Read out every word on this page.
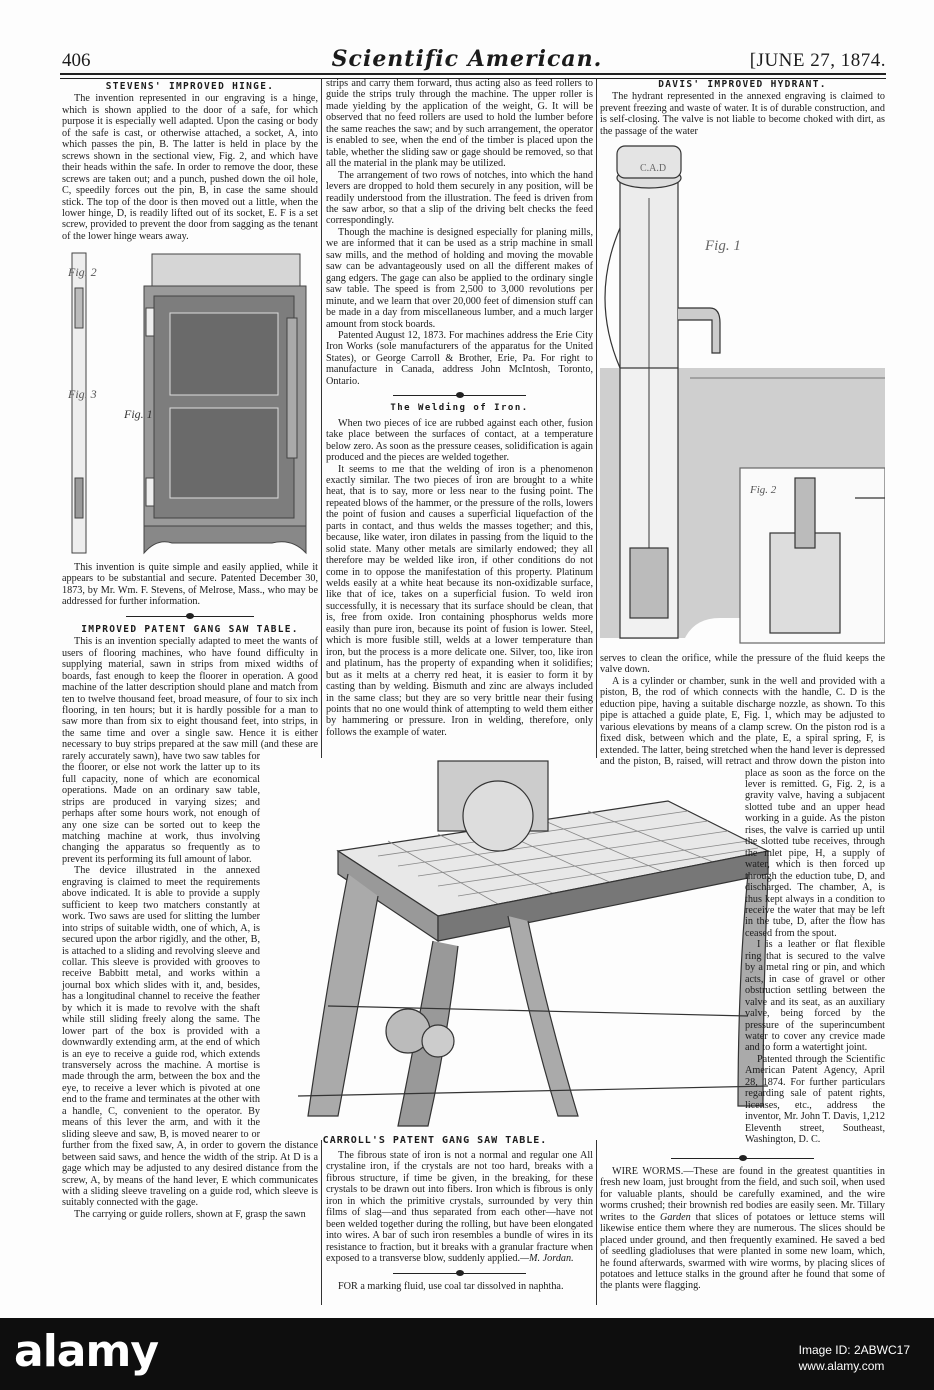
406	Scientific American.	[JUNE 27, 1874.
STEVENS' IMPROVED HINGE.

The invention represented in our engraving is a hinge, which is shown applied to the door of a safe, for which purpose it is especially well adapted. Upon the casing or body of the safe is cast, or otherwise attached, a socket, A, into which passes the pin, B. The latter is held in place by the screws shown in the sectional view, Fig. 2, and which have their heads within the safe. In order to remove the door, these screws are taken out; and a punch, pushed down the oil hole, C, speedily forces out the pin, B, in case the same should stick. The top of the door is then moved out a little, when the lower hinge, D, is readily lifted out of its socket, E. F is a set screw, provided to prevent the door from sagging as the tenant of the lower hinge wears away.

Fig. 2
Fig. 3
Fig. 1

This invention is quite simple and easily applied, while it appears to be substantial and secure. Patented December 30, 1873, by Mr. Wm. F. Stevens, of Melrose, Mass., who may be addressed for further information.

IMPROVED PATENT GANG SAW TABLE.

This is an invention specially adapted to meet the wants of users of flooring machines, who have found difficulty in supplying material, sawn in strips from mixed widths of boards, fast enough to keep the floorer in operation. A good machine of the latter description should plane and match from ten to twelve thousand feet, broad measure, of four to six inch flooring, in ten hours; but it is hardly possible for a man to saw more than from six to eight thousand feet, into strips, in the same time and over a single saw. Hence it is either necessary to buy strips prepared at the saw mill (and these are rarely accurately sawn), have two saw tables for the floorer, or else not work the latter up to its full capacity, none of which are economical operations. Made on an ordinary saw table, strips are produced in varying sizes; and perhaps after some hours work, not enough of any one size can be sorted out to keep the matching machine at work, thus involving changing the apparatus so frequently as to prevent its performing its full amount of labor.

The device illustrated in the annexed engraving is claimed to meet the requirements above indicated. It is able to provide a supply sufficient to keep two matchers constantly at work. Two saws are used for slitting the lumber into strips of suitable width, one of which, A, is secured upon the arbor rigidly, and the other, B, is attached to a sliding and revolving sleeve and collar. This sleeve is provided with grooves to receive Babbitt metal, and works within a journal box which slides with it, and, besides, has a longitudinal channel to receive the feather by which it is made to revolve with the shaft while still sliding freely along the same. The lower part of the box is provided with a downwardly extending arm, at the end of which is an eye to receive a guide rod, which extends transversely across the machine. A mortise is made through the arm, between the box and the eye, to receive a lever which is pivoted at one end to the frame and terminates at the other with a handle, C, convenient to the operator. By means of this lever the arm, and with it the sliding sleeve and saw, B, is moved nearer to or further from the fixed saw, A, in order to govern the distance between said saws, and hence the width of the strip. At D is a gage which may be adjusted to any desired distance from the screw, A, by means of the hand lever, E which communicates with a sliding sleeve traveling on a guide rod, which sleeve is suitably connected with the gage.

The carrying or guide rollers, shown at F, grasp the sawn

strips and carry them forward, thus acting also as feed rollers to guide the strips truly through the machine. The upper roller is made yielding by the application of the weight, G. It will be observed that no feed rollers are used to hold the lumber before the same reaches the saw; and by such arrangement, the operator is enabled to see, when the end of the timber is placed upon the table, whether the sliding saw or gage should be removed, so that all the material in the plank may be utilized.

The arrangement of two rows of notches, into which the hand levers are dropped to hold them securely in any position, will be readily understood from the illustration. The feed is driven from the saw arbor, so that a slip of the driving belt checks the feed correspondingly.

Though the machine is designed especially for planing mills, we are informed that it can be used as a strip machine in small saw mills, and the method of holding and moving the movable saw can be advantageously used on all the different makes of gang edgers. The gage can also be applied to the ordinary single saw table. The speed is from 2,500 to 3,000 revolutions per minute, and we learn that over 20,000 feet of dimension stuff can be made in a day from miscellaneous lumber, and a much larger amount from stock boards.

Patented August 12, 1873. For machines address the Erie City Iron Works (sole manufacturers of the apparatus for the United States), or George Carroll & Brother, Erie, Pa. For right to manufacture in Canada, address John McIntosh, Toronto, Ontario.

The Welding of Iron.

When two pieces of ice are rubbed against each other, fusion take place between the surfaces of contact, at a temperature below zero. As soon as the pressure ceases, solidification is again produced and the pieces are welded together.

It seems to me that the welding of iron is a phenomenon exactly similar. The two pieces of iron are brought to a white heat, that is to say, more or less near to the fusing point. The repeated blows of the hammer, or the pressure of the rolls, lowers the point of fusion and causes a superficial liquefaction of the parts in contact, and thus welds the masses together; and this, because, like water, iron dilates in passing from the liquid to the solid state. Many other metals are similarly endowed; they all therefore may be welded like iron, if other conditions do not come in to oppose the manifestation of this property. Platinum welds easily at a white heat because its non-oxidizable surface, like that of ice, takes on a superficial fusion. To weld iron successfully, it is necessary that its surface should be clean, that is, free from oxide. Iron containing phosphorus welds more easily than pure iron, because its point of fusion is lower. Steel, which is more fusible still, welds at a lower temperature than iron, but the process is a more delicate one. Silver, too, like iron and platinum, has the property of expanding when it solidifies; but as it melts at a cherry red heat, it is easier to form it by casting than by welding. Bismuth and zinc are always included in the same class; but they are so very brittle near their fusing points that no one would think of attempting to weld them either by hammering or pressure. Iron in welding, therefore, only follows the example of water.

CARROLL'S PATENT GANG SAW TABLE.

The fibrous state of iron is not a normal and regular one All crystaline iron, if the crystals are not too hard, breaks with a fibrous structure, if time be given, in the breaking, for these crystals to be drawn out into fibers. Iron which is fibrous is only iron in which the primitive crystals, surrounded by very thin films of slag—and thus separated from each other—have not been welded together during the rolling, but have been elongated into wires. A bar of such iron resembles a bundle of wires in its resistance to fraction, but it breaks with a granular fracture when exposed to a transverse blow, suddenly applied.—M. Jordan.

FOR a marking fluid, use coal tar dissolved in naphtha.

DAVIS' IMPROVED HYDRANT.

The hydrant represented in the annexed engraving is claimed to prevent freezing and waste of water. It is of durable construction, and is self-closing. The valve is not liable to become choked with dirt, as the passage of the water

C.A.D
Fig. 1
Fig. 2

serves to clean the orifice, while the pressure of the fluid keeps the valve down.

A is a cylinder or chamber, sunk in the well and provided with a piston, B, the rod of which connects with the handle, C. D is the eduction pipe, having a suitable discharge nozzle, as shown. To this pipe is attached a guide plate, E, Fig. 1, which may be adjusted to various elevations by means of a clamp screw. On the piston rod is a fixed disk, between which and the plate, E, a spiral spring, F, is extended. The latter, being stretched when the hand lever is depressed and the piston, B, raised, will retract and throw down the piston into place as soon as the force on the lever is remitted. G, Fig. 2, is a gravity valve, having a subjacent slotted tube and an upper head working in a guide. As the piston rises, the valve is carried up until the slotted tube receives, through the inlet pipe, H, a supply of water, which is then forced up through the eduction tube, D, and discharged. The chamber, A, is thus kept always in a condition to receive the water that may be left in the tube, D, after the flow has ceased from the spout.

I is a leather or flat flexible ring that is secured to the valve by a metal ring or pin, and which acts, in case of gravel or other obstruction settling between the valve and its seat, as an auxiliary valve, being forced by the pressure of the superincumbent water to cover any crevice made and to form a watertight joint.

Patented through the Scientific American Patent Agency, April 28, 1874. For further particulars regarding sale of patent rights, licenses, etc., address the inventor, Mr. John T. Davis, 1,212 Eleventh street, Southeast, Washington, D. C.

WIRE WORMS.—These are found in the greatest quantities in fresh new loam, just brought from the field, and such soil, when used for valuable plants, should be carefully examined, and the wire worms crushed; their brownish red bodies are easily seen. Mr. Tillary writes to the Garden that slices of potatoes or lettuce stems will likewise entice them where they are numerous. The slices should be placed under ground, and then frequently examined. He saved a bed of seedling gladioluses that were planted in some new loam, which, he found afterwards, swarmed with wire worms, by placing slices of potatoes and lettuce stalks in the ground after he found that some of the plants were flagging.

alamy	Image ID: 2ABWC17
www.alamy.com
